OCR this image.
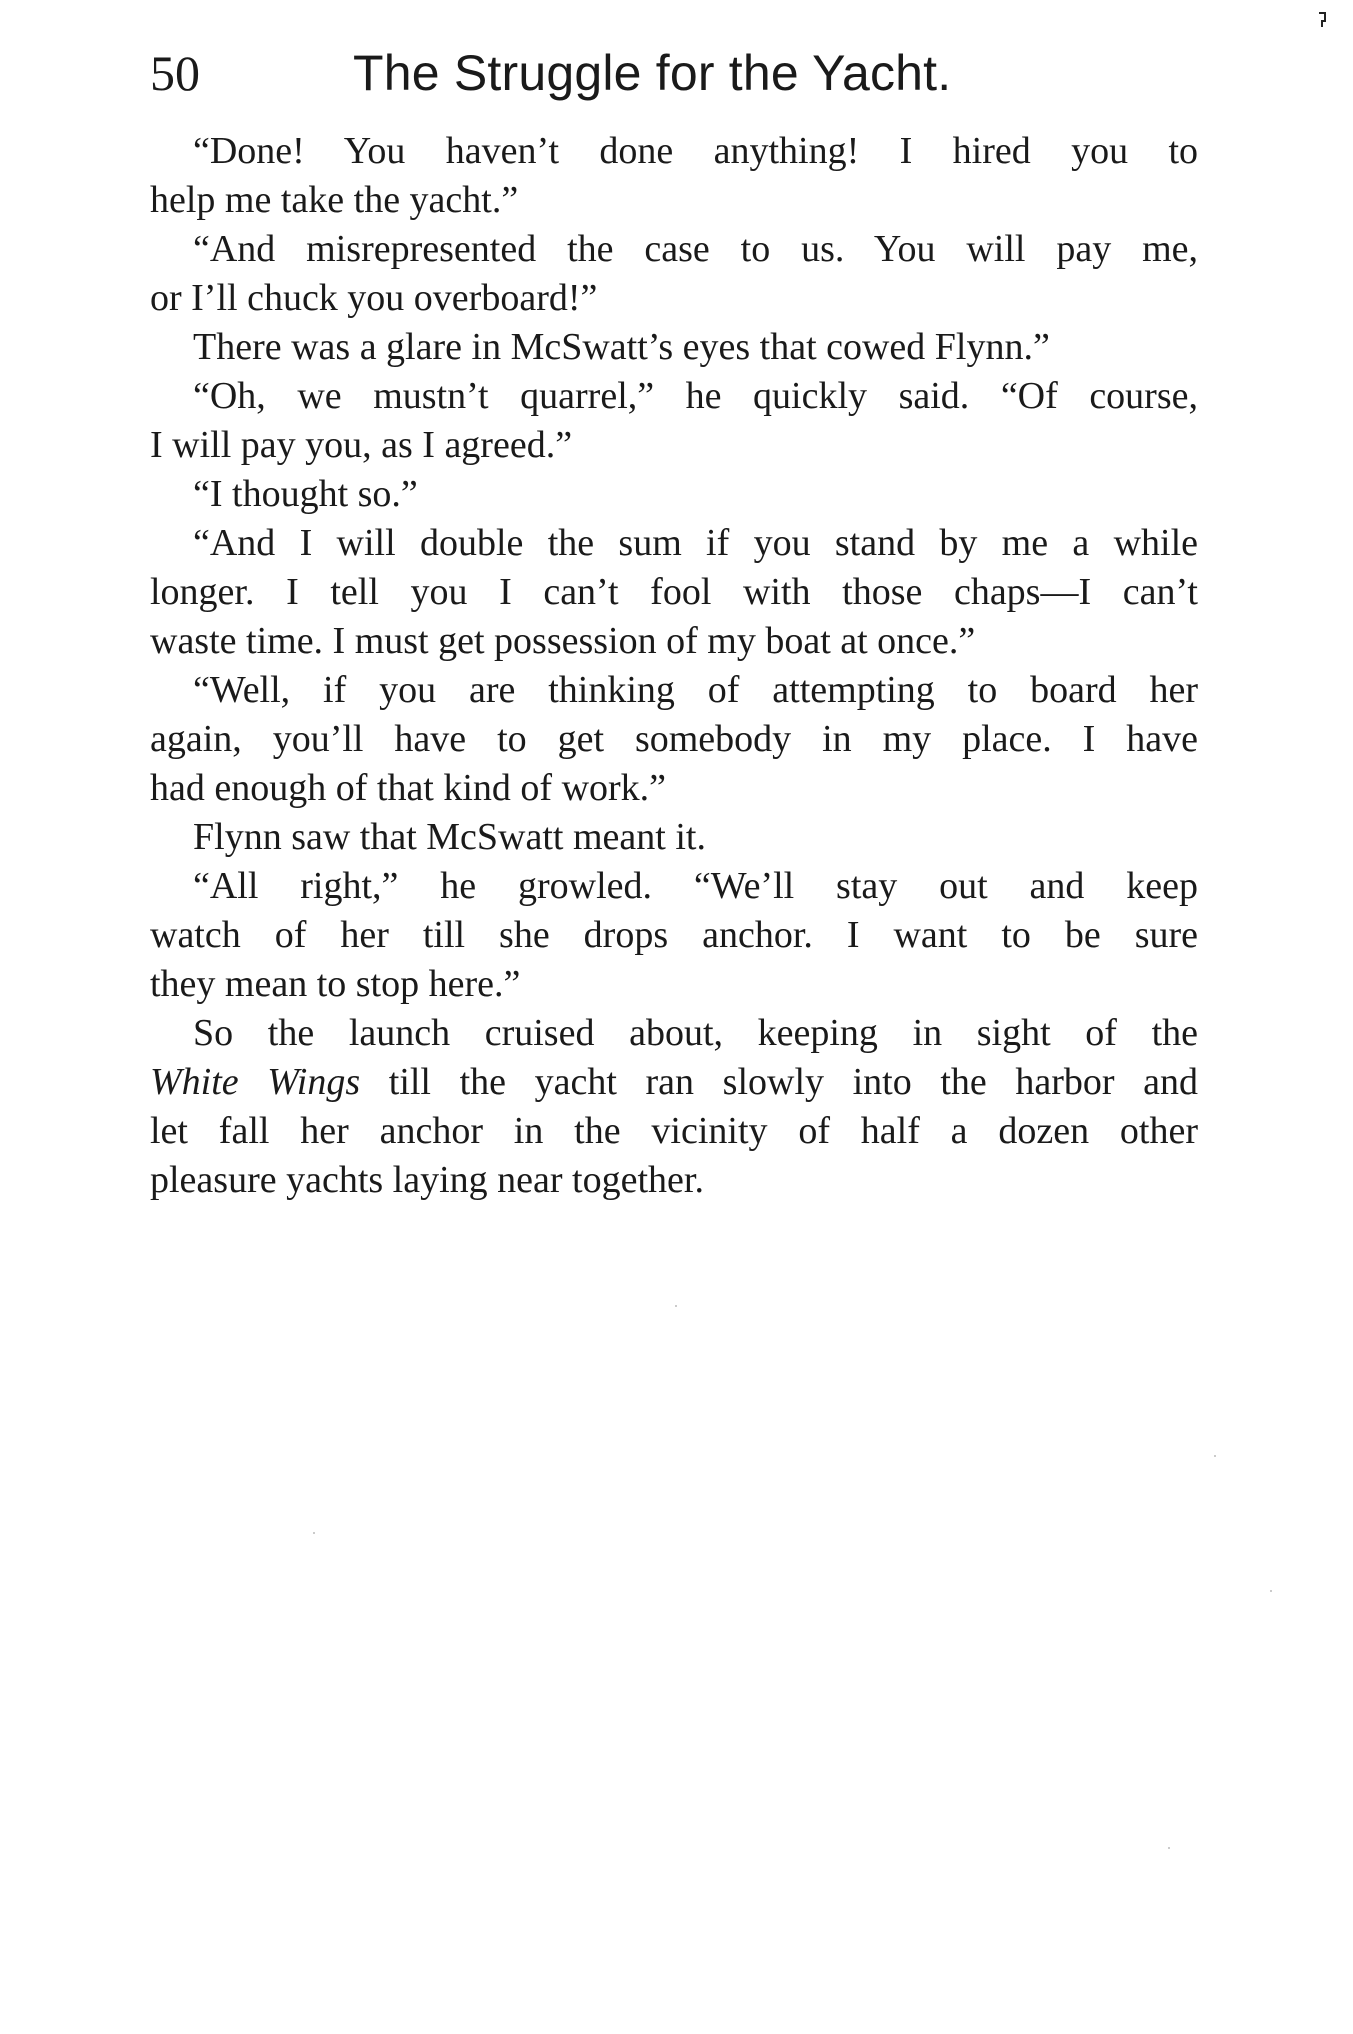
50	The Struggle for the Yacht.
“Done! You haven’t done anything! I hired you to
help me take the yacht.”
“And misrepresented the case to us. You will pay me,
or I’ll chuck you overboard!”
There was a glare in McSwatt’s eyes that cowed Flynn.”
“Oh, we mustn’t quarrel,” he quickly said. “Of course,
I will pay you, as I agreed.”
“I thought so.”
“And I will double the sum if you stand by me a while
longer. I tell you I can’t fool with those chaps—I can’t
waste time. I must get possession of my boat at once.”
“Well, if you are thinking of attempting to board her
again, you’ll have to get somebody in my place. I have
had enough of that kind of work.”
Flynn saw that McSwatt meant it.
“All right,” he growled. “We’ll stay out and keep
watch of her till she drops anchor. I want to be sure
they mean to stop here.”
So the launch cruised about, keeping in sight of the
White Wings till the yacht ran slowly into the harbor and
let fall her anchor in the vicinity of half a dozen other
pleasure yachts laying near together.
